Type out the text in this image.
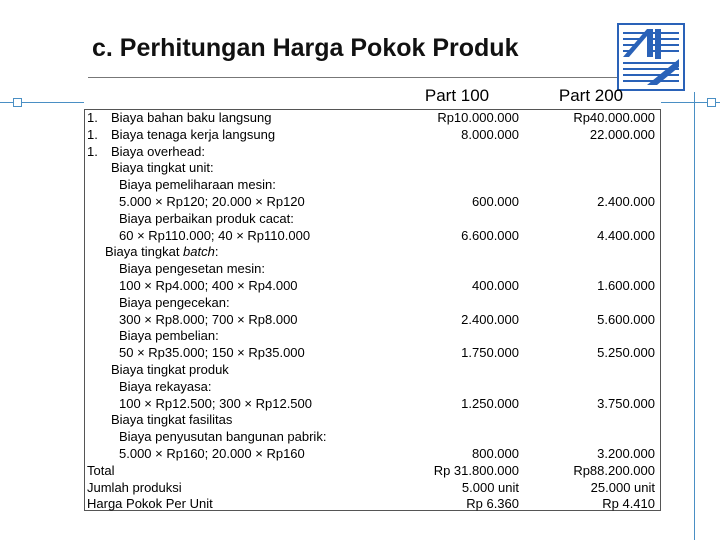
c. Perhitungan Harga Pokok Produk
Part 100	Part 200
1. Biaya bahan baku langsung	Rp10.000.000	Rp40.000.000
1. Biaya tenaga kerja langsung	8.000.000	22.000.000
1. Biaya overhead:
Biaya tingkat unit:
Biaya pemeliharaan mesin:
5.000 × Rp120; 20.000 × Rp120	600.000	2.400.000
Biaya perbaikan produk cacat:
60 × Rp110.000; 40 × Rp110.000	6.600.000	4.400.000
Biaya tingkat batch:
Biaya pengesetan mesin:
100 × Rp4.000; 400 × Rp4.000	400.000	1.600.000
Biaya pengecekan:
300 × Rp8.000; 700 × Rp8.000	2.400.000	5.600.000
Biaya pembelian:
50 × Rp35.000; 150 × Rp35.000	1.750.000	5.250.000
Biaya tingkat produk
Biaya rekayasa:
100 × Rp12.500; 300 × Rp12.500	1.250.000	3.750.000
Biaya tingkat fasilitas
Biaya penyusutan bangunan pabrik:
5.000 × Rp160; 20.000 × Rp160	800.000	3.200.000
Total	Rp 31.800.000	Rp88.200.000
Jumlah produksi	5.000 unit	25.000 unit
Harga Pokok Per Unit	Rp 6.360	Rp 4.410
